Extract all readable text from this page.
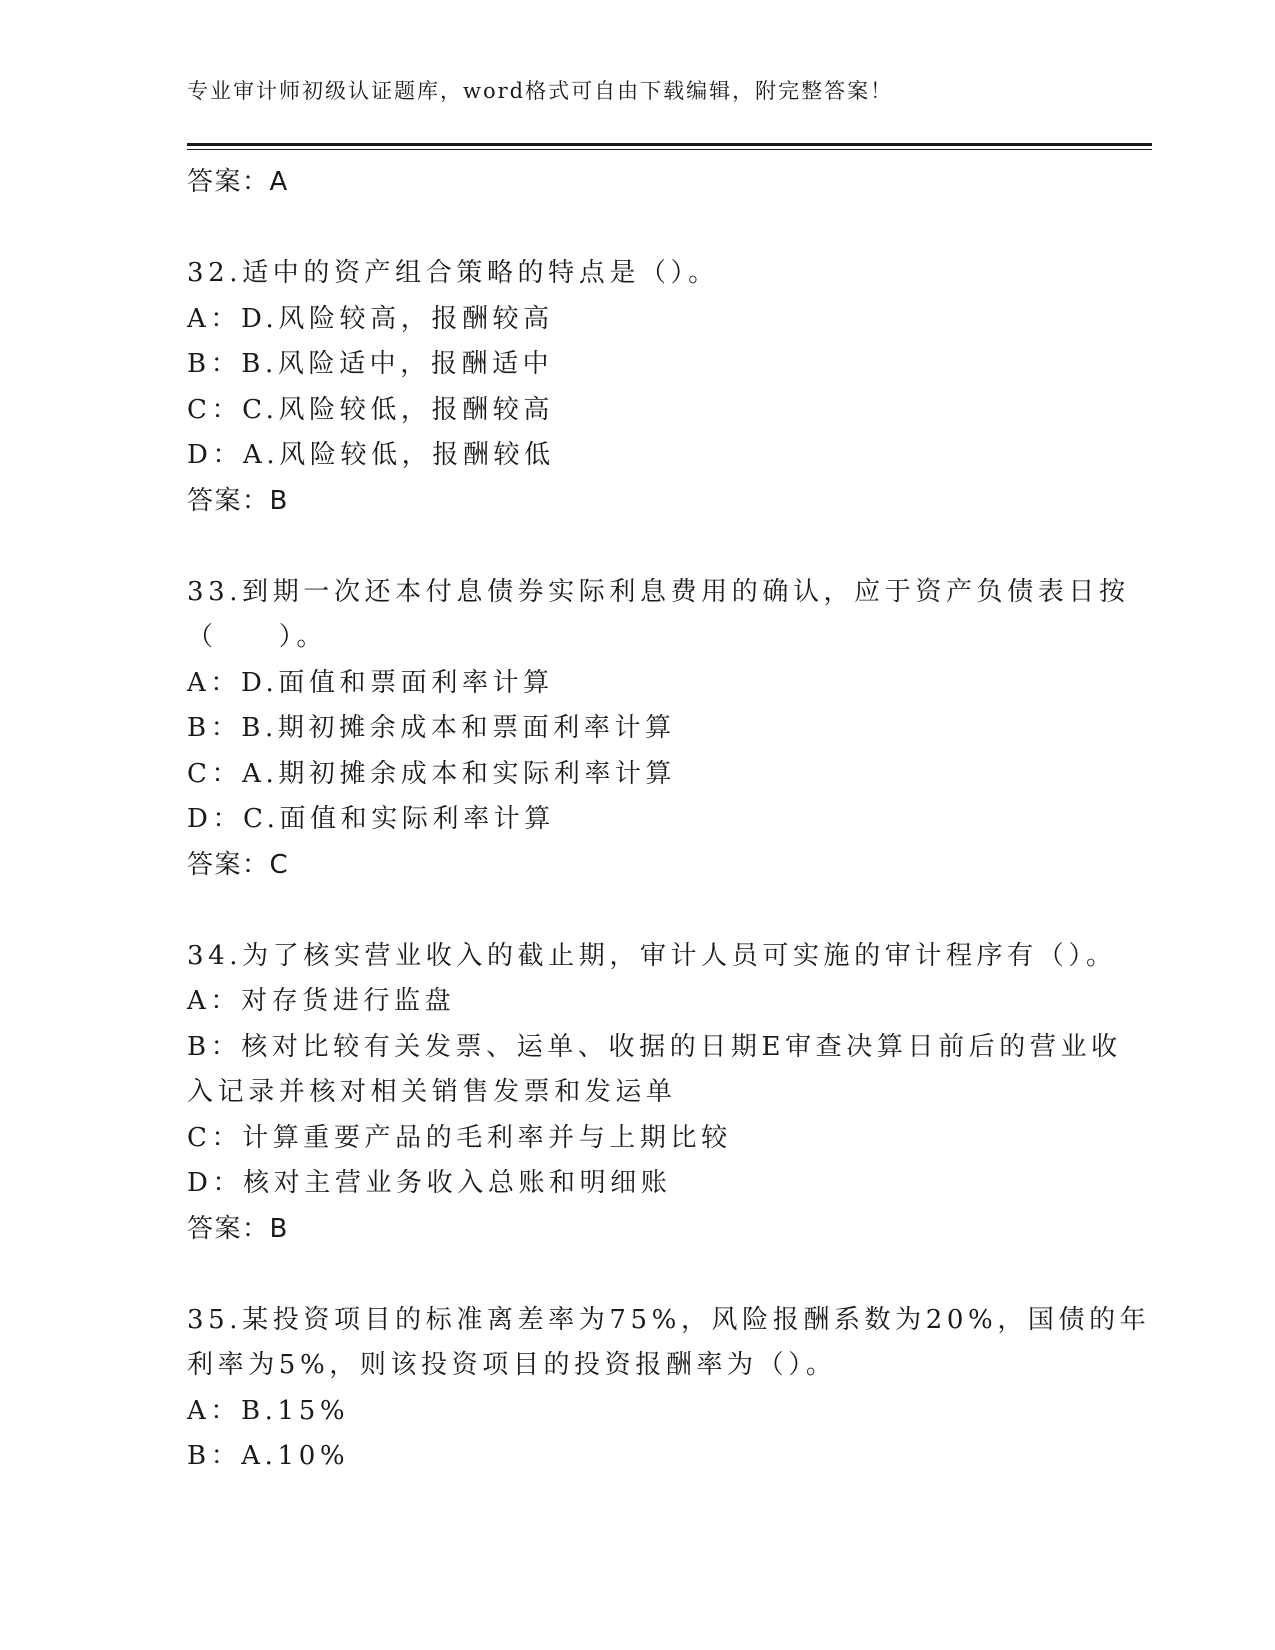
专业审计师初级认证题库，word格式可自由下载编辑，附完整答案！
答案：A
32.适中的资产组合策略的特点是（）。
A：D.风险较高，报酬较高
B：B.风险适中，报酬适中
C：C.风险较低，报酬较高
D：A.风险较低，报酬较低
答案：B
33.到期一次还本付息债券实际利息费用的确认，应于资产负债表日按
（　　）。
A：D.面值和票面利率计算
B：B.期初摊余成本和票面利率计算
C：A.期初摊余成本和实际利率计算
D：C.面值和实际利率计算
答案：C
34.为了核实营业收入的截止期，审计人员可实施的审计程序有（）。
A：对存货进行监盘
B：核对比较有关发票、运单、收据的日期E审查决算日前后的营业收
入记录并核对相关销售发票和发运单
C：计算重要产品的毛利率并与上期比较
D：核对主营业务收入总账和明细账
答案：B
35.某投资项目的标准离差率为75%，风险报酬系数为20%，国债的年
利率为5%，则该投资项目的投资报酬率为（）。
A：B.15%
B：A.10%
